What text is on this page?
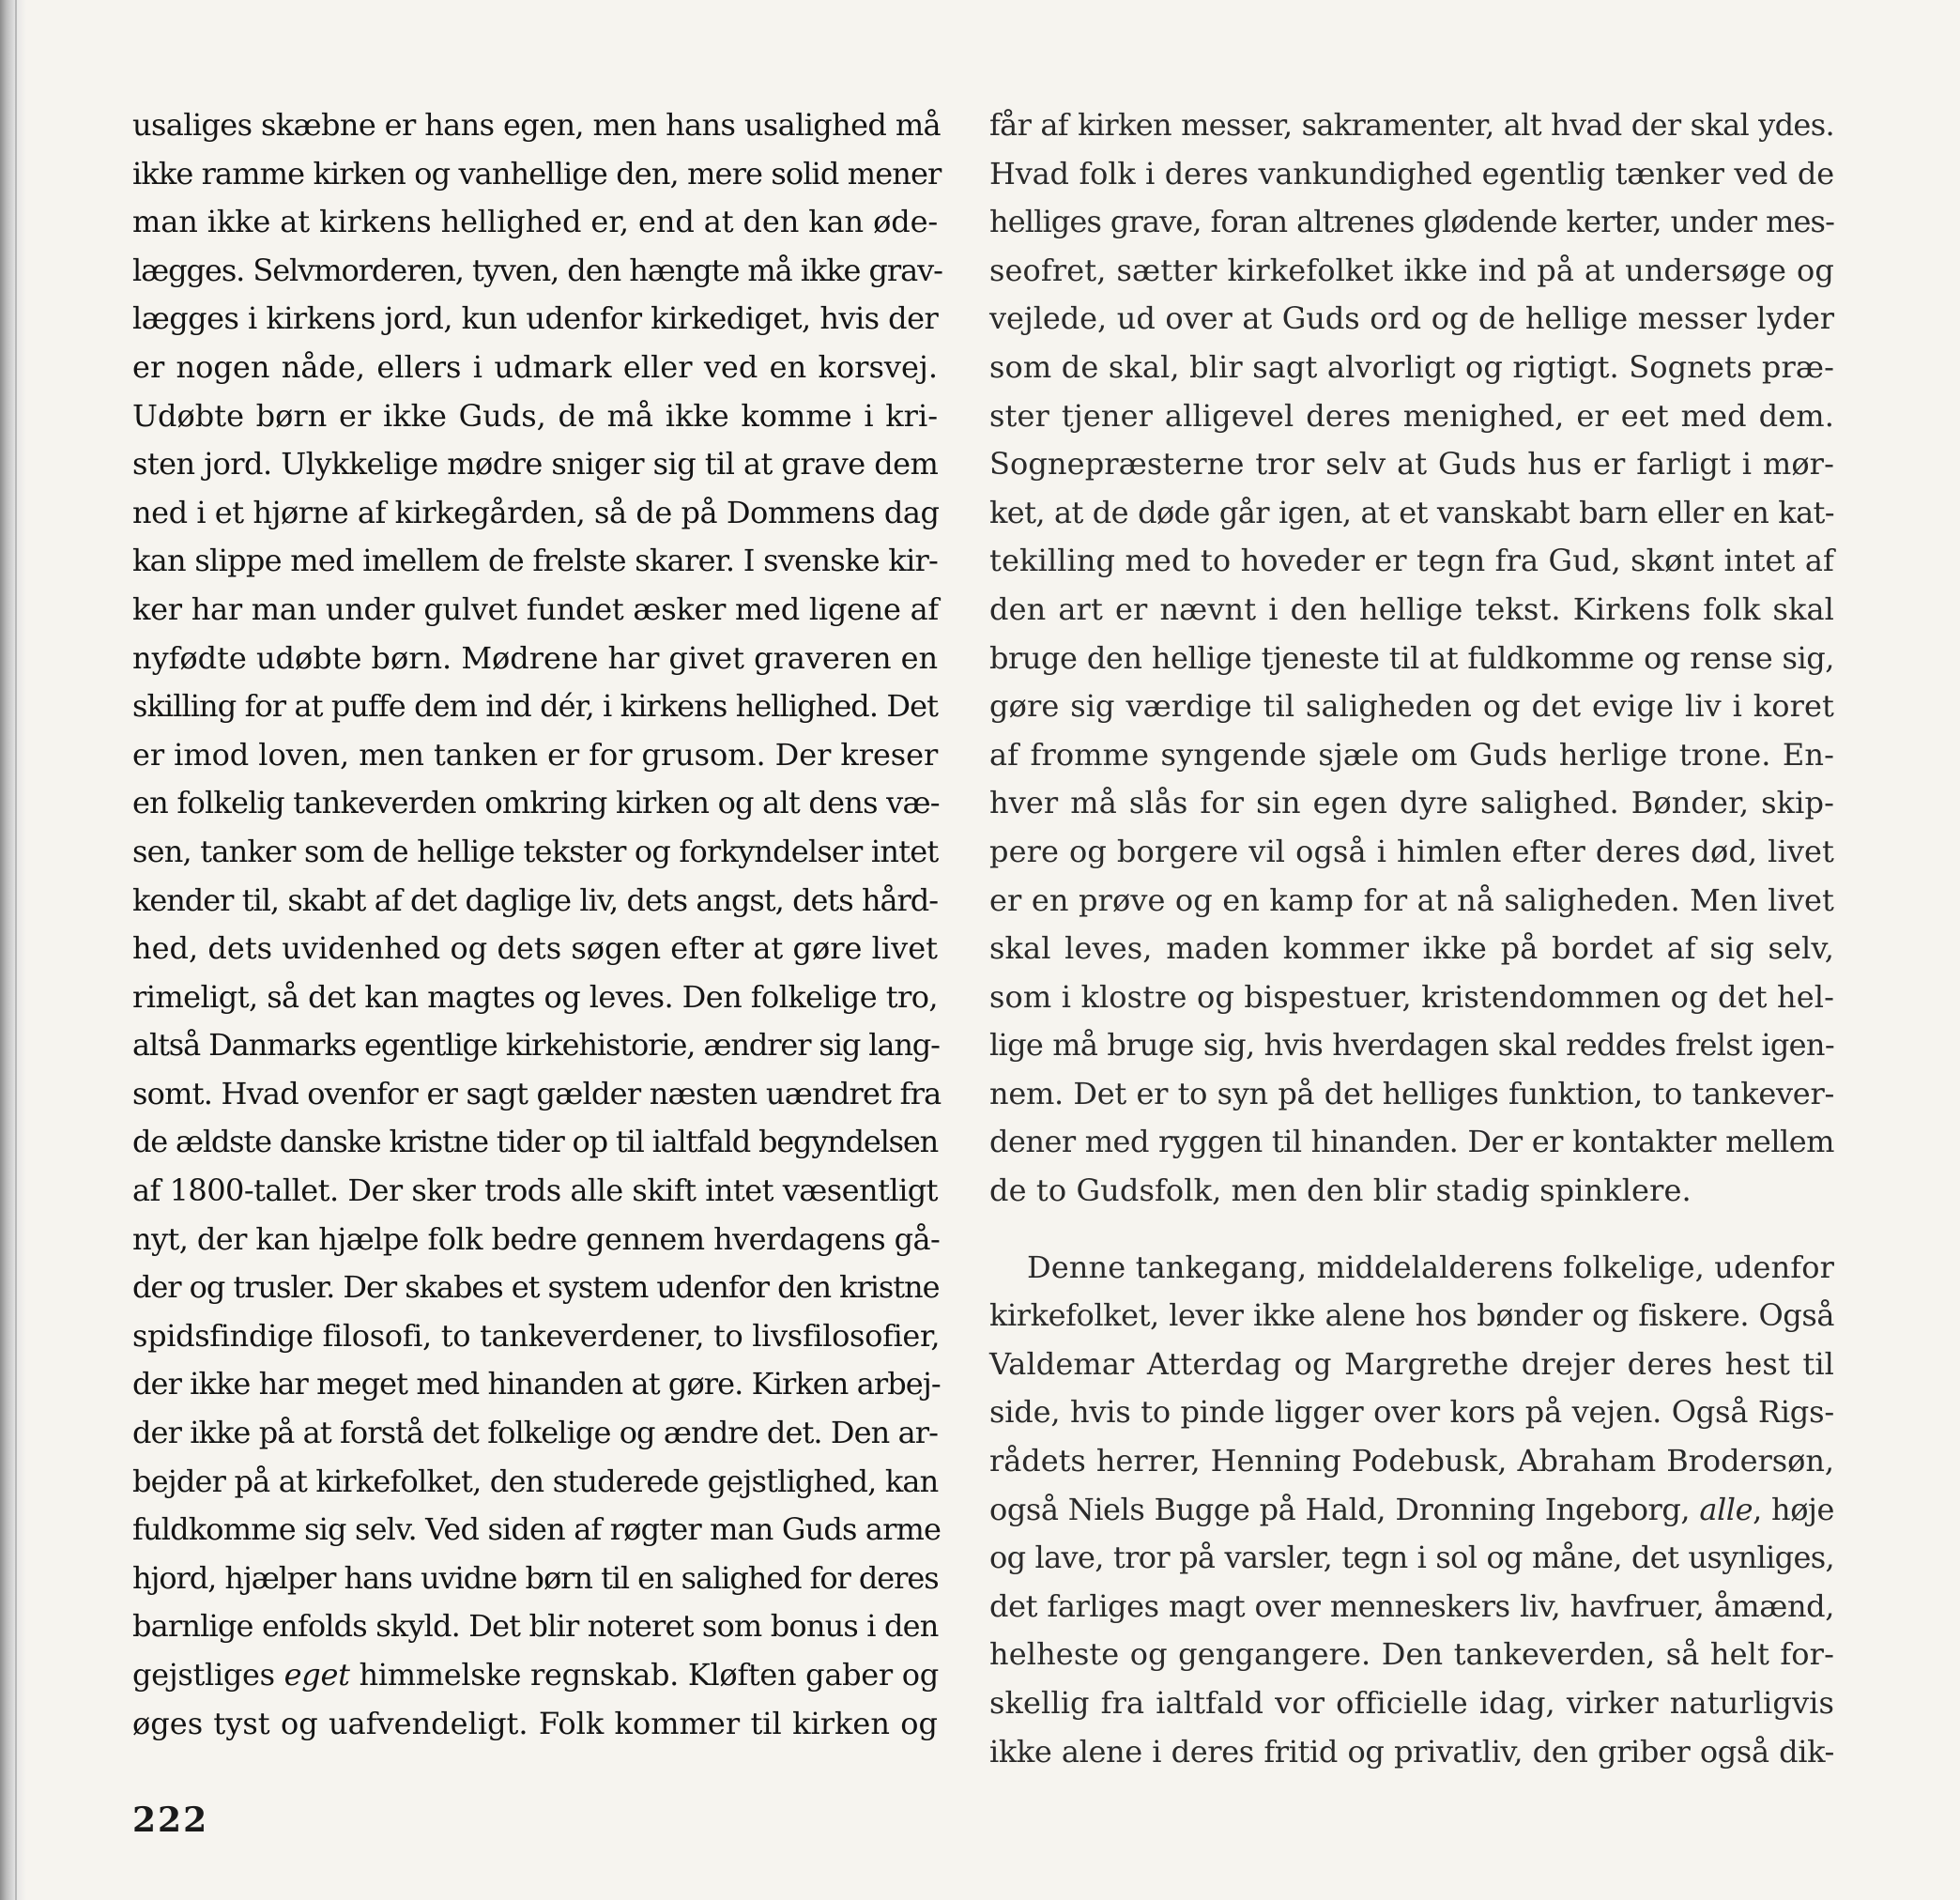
usaliges skæbne er hans egen, men hans usalighed må
ikke ramme kirken og vanhellige den, mere solid mener
man ikke at kirkens hellighed er, end at den kan øde-
lægges. Selvmorderen, tyven, den hængte må ikke grav-
lægges i kirkens jord, kun udenfor kirkediget, hvis der
er nogen nåde, ellers i udmark eller ved en korsvej.
Udøbte børn er ikke Guds, de må ikke komme i kri-
sten jord. Ulykkelige mødre sniger sig til at grave dem
ned i et hjørne af kirkegården, så de på Dommens dag
kan slippe med imellem de frelste skarer. I svenske kir-
ker har man under gulvet fundet æsker med ligene af
nyfødte udøbte børn. Mødrene har givet graveren en
skilling for at puffe dem ind dér, i kirkens hellighed. Det
er imod loven, men tanken er for grusom. Der kreser
en folkelig tankeverden omkring kirken og alt dens væ-
sen, tanker som de hellige tekster og forkyndelser intet
kender til, skabt af det daglige liv, dets angst, dets hård-
hed, dets uvidenhed og dets søgen efter at gøre livet
rimeligt, så det kan magtes og leves. Den folkelige tro,
altså Danmarks egentlige kirkehistorie, ændrer sig lang-
somt. Hvad ovenfor er sagt gælder næsten uændret fra
de ældste danske kristne tider op til ialtfald begyndelsen
af 1800-tallet. Der sker trods alle skift intet væsentligt
nyt, der kan hjælpe folk bedre gennem hverdagens gå-
der og trusler. Der skabes et system udenfor den kristne
spidsfindige filosofi, to tankeverdener, to livsfilosofier,
der ikke har meget med hinanden at gøre. Kirken arbej-
der ikke på at forstå det folkelige og ændre det. Den ar-
bejder på at kirkefolket, den studerede gejstlighed, kan
fuldkomme sig selv. Ved siden af røgter man Guds arme
hjord, hjælper hans uvidne børn til en salighed for deres
barnlige enfolds skyld. Det blir noteret som bonus i den
gejstliges eget himmelske regnskab. Kløften gaber og
øges tyst og uafvendeligt. Folk kommer til kirken og

får af kirken messer, sakramenter, alt hvad der skal ydes.
Hvad folk i deres vankundighed egentlig tænker ved de
helliges grave, foran altrenes glødende kerter, under mes-
seofret, sætter kirkefolket ikke ind på at undersøge og
vejlede, ud over at Guds ord og de hellige messer lyder
som de skal, blir sagt alvorligt og rigtigt. Sognets præ-
ster tjener alligevel deres menighed, er eet med dem.
Sognepræsterne tror selv at Guds hus er farligt i mør-
ket, at de døde går igen, at et vanskabt barn eller en kat-
tekilling med to hoveder er tegn fra Gud, skønt intet af
den art er nævnt i den hellige tekst. Kirkens folk skal
bruge den hellige tjeneste til at fuldkomme og rense sig,
gøre sig værdige til saligheden og det evige liv i koret
af fromme syngende sjæle om Guds herlige trone. En-
hver må slås for sin egen dyre salighed. Bønder, skip-
pere og borgere vil også i himlen efter deres død, livet
er en prøve og en kamp for at nå saligheden. Men livet
skal leves, maden kommer ikke på bordet af sig selv,
som i klostre og bispestuer, kristendommen og det hel-
lige må bruge sig, hvis hverdagen skal reddes frelst igen-
nem. Det er to syn på det helliges funktion, to tankever-
dener med ryggen til hinanden. Der er kontakter mellem
de to Gudsfolk, men den blir stadig spinklere.

Denne tankegang, middelalderens folkelige, udenfor
kirkefolket, lever ikke alene hos bønder og fiskere. Også
Valdemar Atterdag og Margrethe drejer deres hest til
side, hvis to pinde ligger over kors på vejen. Også Rigs-
rådets herrer, Henning Podebusk, Abraham Brodersøn,
også Niels Bugge på Hald, Dronning Ingeborg, alle, høje
og lave, tror på varsler, tegn i sol og måne, det usynliges,
det farliges magt over menneskers liv, havfruer, åmænd,
helheste og gengangere. Den tankeverden, så helt for-
skellig fra ialtfald vor officielle idag, virker naturligvis
ikke alene i deres fritid og privatliv, den griber også dik-

222
